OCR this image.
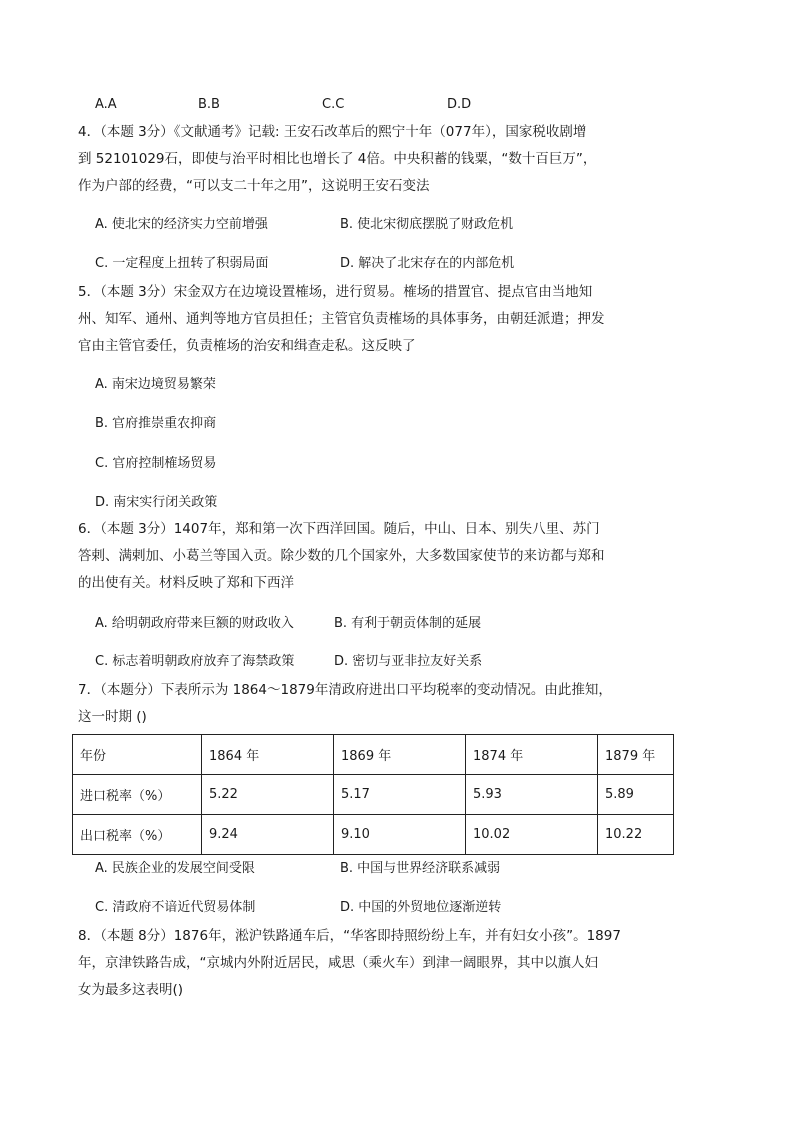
A.A	B.B	C.C	D.D
4．（本题 3分）《文献通考》记载: 王安石改革后的熙宁十年（077年），国家税收剧增
到 52101029石，即使与治平时相比也增长了 4倍。中央积蓄的钱粟，“数十百巨万”，
作为户部的经费，“可以支二十年之用”，这说明王安石变法
A. 使北宋的经济实力空前增强	B. 使北宋彻底摆脱了财政危机
C. 一定程度上扭转了积弱局面	D. 解决了北宋存在的内部危机
5．（本题 3分）宋金双方在边境设置榷场，进行贸易。榷场的措置官、提点官由当地知
州、知军、通州、通判等地方官员担任；主管官负责榷场的具体事务，由朝廷派遣；押发
官由主管官委任，负责榷场的治安和缉查走私。这反映了
A. 南宋边境贸易繁荣
B. 官府推崇重农抑商
C. 官府控制榷场贸易
D. 南宋实行闭关政策
6．（本题 3分）1407年，郑和第一次下西洋回国。随后，中山、日本、别失八里、苏门
答剌、满剌加、小葛兰等国入贡。除少数的几个国家外，大多数国家使节的来访都与郑和
的出使有关。材料反映了郑和下西洋
A. 给明朝政府带来巨额的财政收入	B. 有利于朝贡体制的延展
C. 标志着明朝政府放弃了海禁政策	D. 密切与亚非拉友好关系
7．（本题分）下表所示为 1864～1879年清政府进出口平均税率的变动情况。由此推知，
这一时期 ()
年份	1864 年	1869 年	1874 年	1879 年
进口税率（%）	5.22	5.17	5.93	5.89
出口税率（%）	9.24	9.10	10.02	10.22
A. 民族企业的发展空间受限	B. 中国与世界经济联系减弱
C. 清政府不谙近代贸易体制	D. 中国的外贸地位逐渐逆转
8．（本题 8分）1876年，淞沪铁路通车后，“华客即持照纷纷上车，并有妇女小孩”。1897
年，京津铁路告成，“京城内外附近居民，咸思（乘火车）到津一阔眼界，其中以旗人妇
女为最多这表明()
